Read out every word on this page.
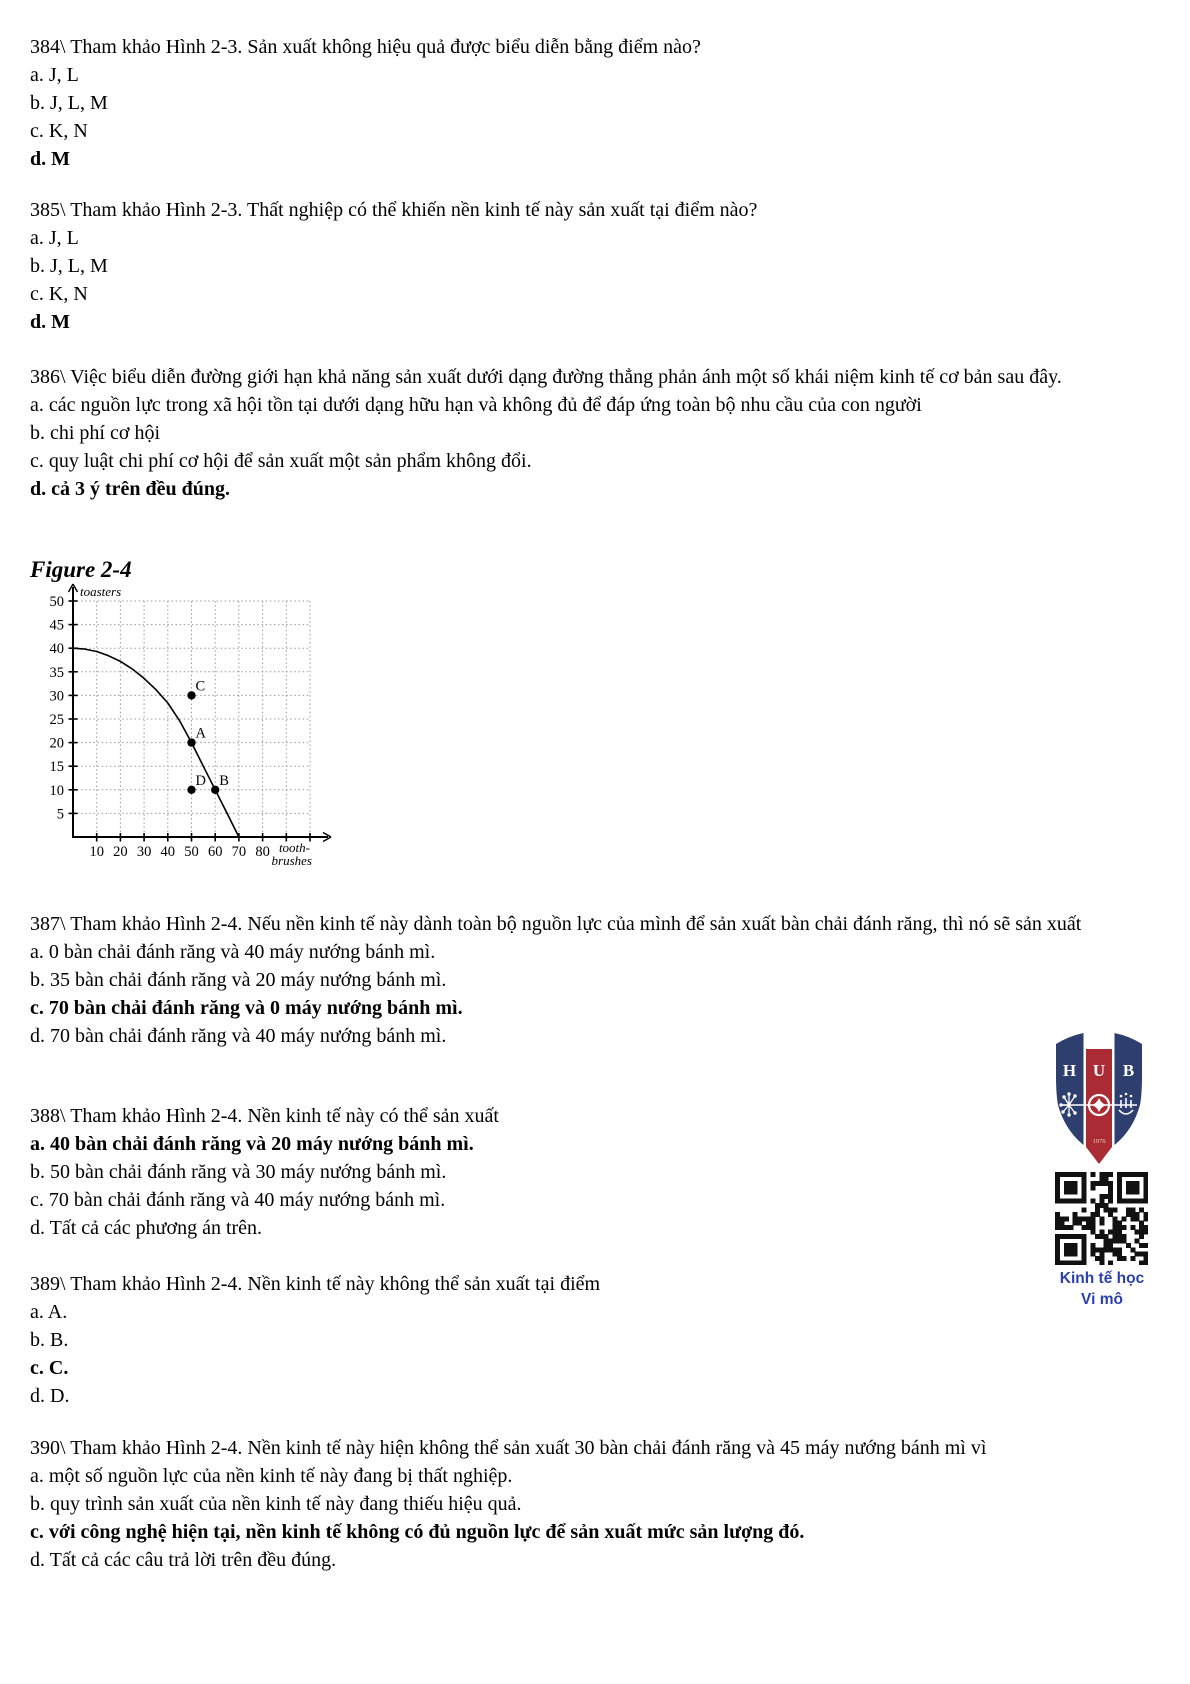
384\ Tham khảo Hình 2-3. Sản xuất không hiệu quả được biểu diễn bằng điểm nào?
a. J, L
b. J, L, M
c. K, N
d. M
385\ Tham khảo Hình 2-3. Thất nghiệp có thể khiến nền kinh tế này sản xuất tại điểm nào?
a. J, L
b. J, L, M
c. K, N
d. M
386\ Việc biểu diễn đường giới hạn khả năng sản xuất dưới dạng đường thẳng phản ánh một số khái niệm kinh tế cơ bản sau đây.
a. các nguồn lực trong xã hội tồn tại dưới dạng hữu hạn và không đủ để đáp ứng toàn bộ nhu cầu của con người
b. chi phí cơ hội
c. quy luật chi phí cơ hội để sản xuất một sản phẩm không đổi.
d. cả 3 ý trên đều đúng.
387\ Tham khảo Hình 2-4. Nếu nền kinh tế này dành toàn bộ nguồn lực của mình để sản xuất bàn chải đánh răng, thì nó sẽ sản xuất
a. 0 bàn chải đánh răng và 40 máy nướng bánh mì.
b. 35 bàn chải đánh răng và 20 máy nướng bánh mì.
c. 70 bàn chải đánh răng và 0 máy nướng bánh mì.
d. 70 bàn chải đánh răng và 40 máy nướng bánh mì.
388\ Tham khảo Hình 2-4. Nền kinh tế này có thể sản xuất
a. 40 bàn chải đánh răng và 20 máy nướng bánh mì.
b. 50 bàn chải đánh răng và 30 máy nướng bánh mì.
c. 70 bàn chải đánh răng và 40 máy nướng bánh mì.
d. Tất cả các phương án trên.
389\ Tham khảo Hình 2-4. Nền kinh tế này không thể sản xuất tại điểm
a. A.
b. B.
c. C.
d. D.
390\ Tham khảo Hình 2-4. Nền kinh tế này hiện không thể sản xuất 30 bàn chải đánh răng và 45 máy nướng bánh mì vì
a. một số nguồn lực của nền kinh tế này đang bị thất nghiệp.
b. quy trình sản xuất của nền kinh tế này đang thiếu hiệu quả.
c. với công nghệ hiện tại, nền kinh tế không có đủ nguồn lực để sản xuất mức sản lượng đó.
d. Tất cả các câu trả lời trên đều đúng.
Figure 2-4
5
10
15
20
25
30
35
40
45
50
10 20 30 40 50 60 70 80
toasters
tooth-
brushes
A
B
C
D
H U B
1976
Kinh tế học
Vi mô
